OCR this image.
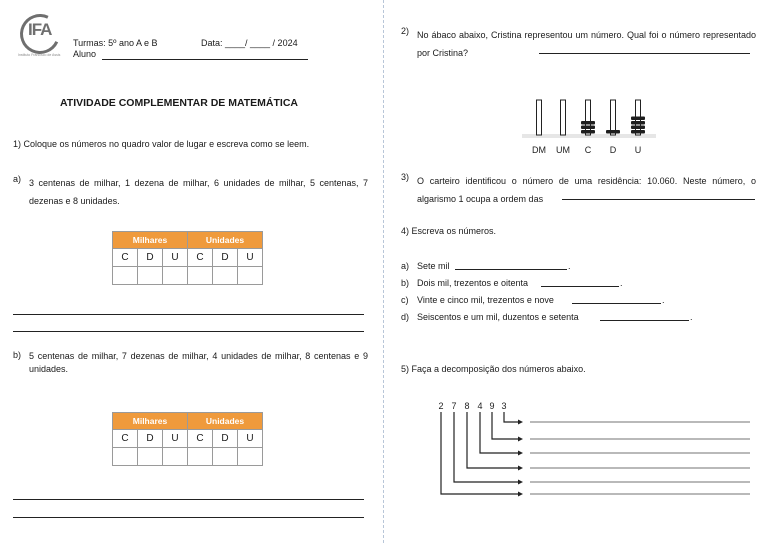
IFA
Instituto Francisco de Assis
Turmas: 5º ano A e B	Data: ____/ ____ / 2024
Aluno
ATIVIDADE COMPLEMENTAR DE MATEMÁTICA
1) Coloque os números no quadro valor de lugar e escreva como se leem.
a) 3 centenas de milhar, 1 dezena de milhar, 6 unidades de milhar, 5 centenas, 7 dezenas e 8 unidades.
Milhares			Unidades		
C	D	U	C	D	U

b) 5 centenas de milhar, 7 dezenas de milhar, 4 unidades de milhar, 8 centenas e 9 unidades.
Milhares			Unidades		
C	D	U	C	D	U

2) No ábaco abaixo, Cristina representou um número. Qual foi o número representado por Cristina?
DM UM C D U
3) O carteiro identificou o número de uma residência: 10.060. Neste número, o algarismo 1 ocupa a ordem das
4) Escreva os números.
a) Sete mil	.
b) Dois mil, trezentos e oitenta	.
c) Vinte e cinco mil, trezentos e nove	.
d) Seiscentos e um mil, duzentos e setenta	.
5) Faça a decomposição dos números abaixo.
2 7 8 4 9 3
